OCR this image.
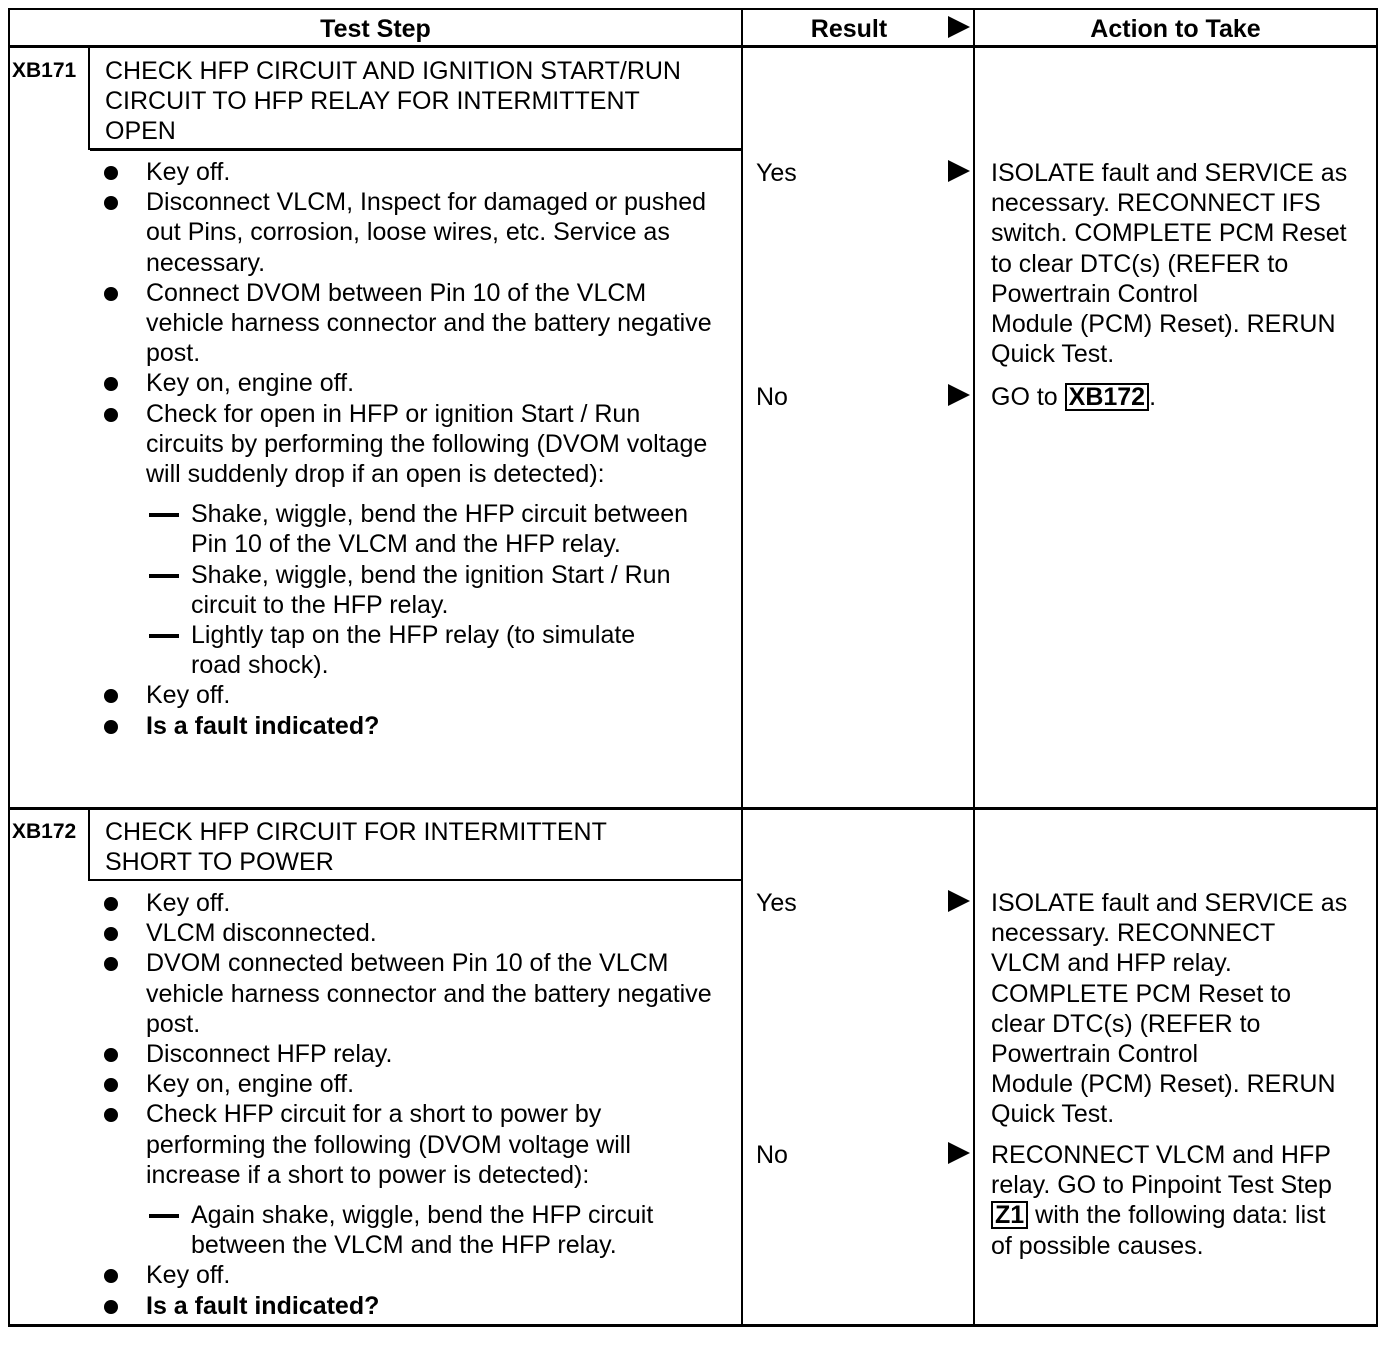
Test Step	Result	Action to Take
XB171 CHECK HFP CIRCUIT AND IGNITION START/RUN
CIRCUIT TO HFP RELAY FOR INTERMITTENT
OPEN
Key off.
Disconnect VLCM, Inspect for damaged or pushed out Pins, corrosion, loose wires, etc. Service as necessary.
Connect DVOM between Pin 10 of the VLCM vehicle harness connector and the battery negative post.
Key on, engine off.
Check for open in HFP or ignition Start / Run circuits by performing the following (DVOM voltage will suddenly drop if an open is detected):
Shake, wiggle, bend the HFP circuit between Pin 10 of the VLCM and the HFP relay.
Shake, wiggle, bend the ignition Start / Run circuit to the HFP relay.
Lightly tap on the HFP relay (to simulate road shock).
Key off.
Is a fault indicated?
Yes	ISOLATE fault and SERVICE as

necessary. RECONNECT IFS

switch. COMPLETE PCM Reset

to clear DTC(s) (REFER to

Powertrain Control

Module (PCM) Reset). RERUN

Quick Test.

No	GO to XB172 .

XB172 CHECK HFP CIRCUIT FOR INTERMITTENT
SHORT TO POWER
Key off.
VLCM disconnected.
DVOM connected between Pin 10 of the VLCM vehicle harness connector and the battery negative post.
Disconnect HFP relay.
Key on, engine off.
Check HFP circuit for a short to power by performing the following (DVOM voltage will increase if a short to power is detected):
Again shake, wiggle, bend the HFP circuit between the VLCM and the HFP relay.
Key off.
Is a fault indicated?
Yes	ISOLATE fault and SERVICE as

necessary. RECONNECT

VLCM and HFP relay.

COMPLETE PCM Reset to

clear DTC(s) (REFER to

Powertrain Control

Module (PCM) Reset). RERUN

Quick Test.

No	RECONNECT VLCM and HFP

relay. GO to Pinpoint Test Step

Z1 with the following data: list

of possible causes.
